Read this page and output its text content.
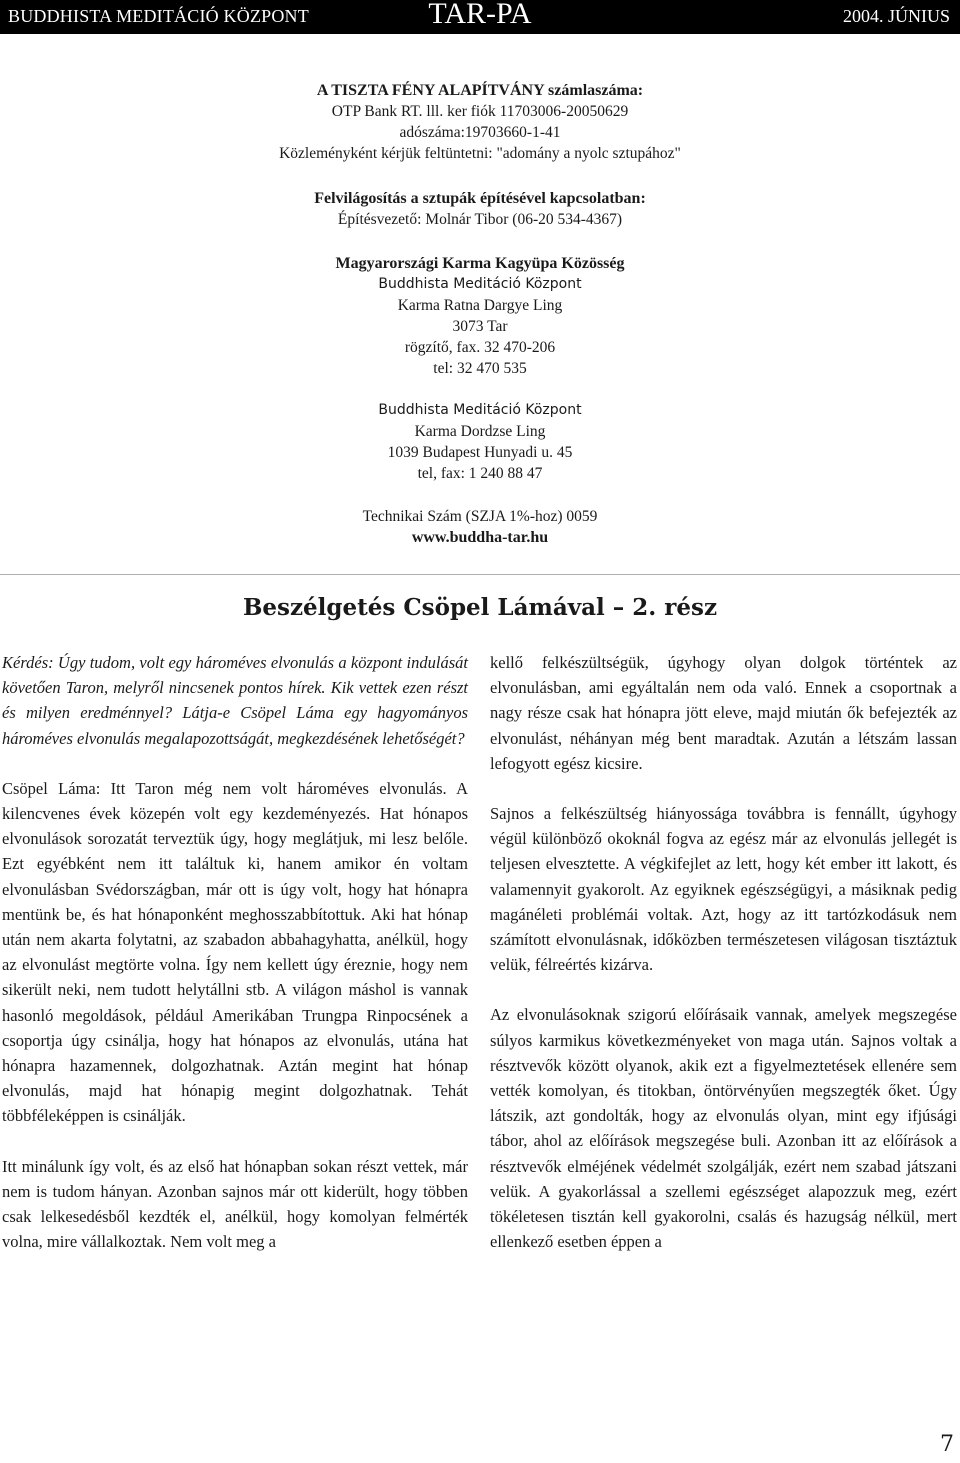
BUDDHISTA MEDITÁCIÓ KÖZPONT	TAR-PA	2004. JÚNIUS
A TISZTA FÉNY ALAPÍTVÁNY számlaszáma:
OTP Bank RT. lll. ker fiók 11703006-20050629
adószáma:19703660-1-41
Közleményként kérjük feltüntetni: "adomány a nyolc sztupához"
Felvilágosítás a sztupák építésével kapcsolatban:
Építésvezető: Molnár Tibor (06-20 534-4367)
Magyarországi Karma Kagyüpa Közösség
Buddhista Meditáció Központ
Karma Ratna Dargye Ling
3073 Tar
rögzítő, fax. 32 470-206
tel: 32 470 535
Buddhista Meditáció Központ
Karma Dordzse Ling
1039 Budapest Hunyadi u. 45
tel, fax: 1 240 88 47
Technikai Szám (SZJA 1%-hoz) 0059
www.buddha-tar.hu
Beszélgetés Csöpel Lámával – 2. rész

Kérdés: Úgy tudom, volt egy hároméves elvonulás a központ indulását követően Taron, melyről nincsenek pontos hírek. Kik vettek ezen részt és milyen eredménnyel? Látja-e Csöpel Láma egy hagyományos hároméves elvonulás megalapozottságát, megkezdésének lehetőségét?

Csöpel Láma: Itt Taron még nem volt hároméves elvonulás. A kilencvenes évek közepén volt egy kezdeményezés. Hat hónapos elvonulások sorozatát terveztük úgy, hogy meglátjuk, mi lesz belőle. Ezt egyébként nem itt találtuk ki, hanem amikor én voltam elvonulásban Svédországban, már ott is úgy volt, hogy hat hónapra mentünk be, és hat hónaponként meghosszabbítottuk. Aki hat hónap után nem akarta folytatni, az szabadon abbahagyhatta, anélkül, hogy az elvonulást megtörte volna. Így nem kellett úgy éreznie, hogy nem sikerült neki, nem tudott helytállni stb. A világon máshol is vannak hasonló megoldások, például Amerikában Trungpa Rinpocsének a csoportja úgy csinálja, hogy hat hónapos az elvonulás, utána hat hónapra hazamennek, dolgozhatnak. Aztán megint hat hónap elvonulás, majd hat hónapig megint dolgozhatnak. Tehát többféleképpen is csinálják.

Itt minálunk így volt, és az első hat hónapban sokan részt vettek, már nem is tudom hányan. Azonban sajnos már ott kiderült, hogy többen csak lelkesedésből kezdték el, anélkül, hogy komolyan felmérték volna, mire vállalkoztak. Nem volt meg a

kellő felkészültségük, úgyhogy olyan dolgok történtek az elvonulásban, ami egyáltalán nem oda való. Ennek a csoportnak a nagy része csak hat hónapra jött eleve, majd miután ők befejezték az elvonulást, néhányan még bent maradtak. Azután a létszám lassan lefogyott egész kicsire.

Sajnos a felkészültség hiányossága továbbra is fennállt, úgyhogy végül különböző okoknál fogva az egész már az elvonulás jellegét is teljesen elvesztette. A végkifejlet az lett, hogy két ember itt lakott, és valamennyit gyakorolt. Az egyiknek egészségügyi, a másiknak pedig magánéleti problémái voltak. Azt, hogy az itt tartózkodásuk nem számított elvonulásnak, időközben természetesen világosan tisztáztuk velük, félreértés kizárva.

Az elvonulásoknak szigorú előírásaik vannak, amelyek megszegése súlyos karmikus következményeket von maga után. Sajnos voltak a résztvevők között olyanok, akik ezt a figyelmeztetések ellenére sem vették komolyan, és titokban, öntörvényűen megszegték őket. Úgy látszik, azt gondolták, hogy az elvonulás olyan, mint egy ifjúsági tábor, ahol az előírások megszegése buli. Azonban itt az előírások a résztvevők elméjének védelmét szolgálják, ezért nem szabad játszani velük. A gyakorlással a szellemi egészséget alapozzuk meg, ezért tökéletesen tisztán kell gyakorolni, csalás és hazugság nélkül, mert ellenkező esetben éppen a

7
